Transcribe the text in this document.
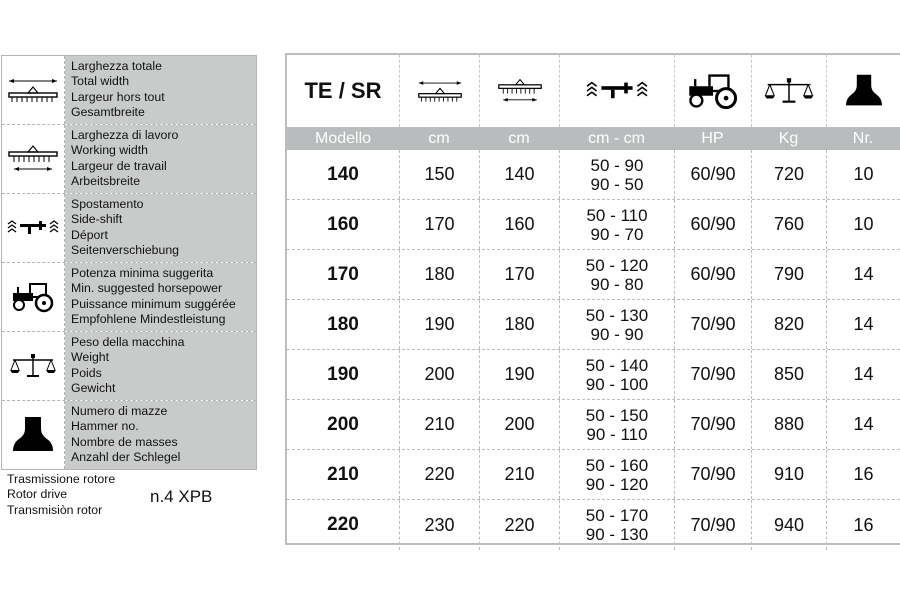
Larghezza totale
Total width
Largeur hors tout
Gesamtbreite
Larghezza di lavoro
Working width
Largeur de travail
Arbeitsbreite
Spostamento
Side-shift
Déport
Seitenverschiebung
Potenza minima suggerita
Min. suggested horsepower
Puissance minimum suggérée
Empfohlene Mindestleistung
Peso della macchina
Weight
Poids
Gewicht
Numero di mazze
Hammer no.
Nombre de masses
Anzahl der Schlegel
Trasmissione rotore
Rotor drive
Transmisiòn rotor
n.4 XPB
TE / SR
Modello	cm	cm	cm - cm	HP	Kg	Nr.
140	150	140	50 - 90
90 - 50	60/90	720	10
160	170	160	50 - 110
90 - 70	60/90	760	10
170	180	170	50 - 120
90 - 80	60/90	790	14
180	190	180	50 - 130
90 - 90	70/90	820	14
190	200	190	50 - 140
90 - 100	70/90	850	14
200	210	200	50 - 150
90 - 110	70/90	880	14
210	220	210	50 - 160
90 - 120	70/90	910	16
220	230	220	50 - 170
90 - 130	70/90	940	16
